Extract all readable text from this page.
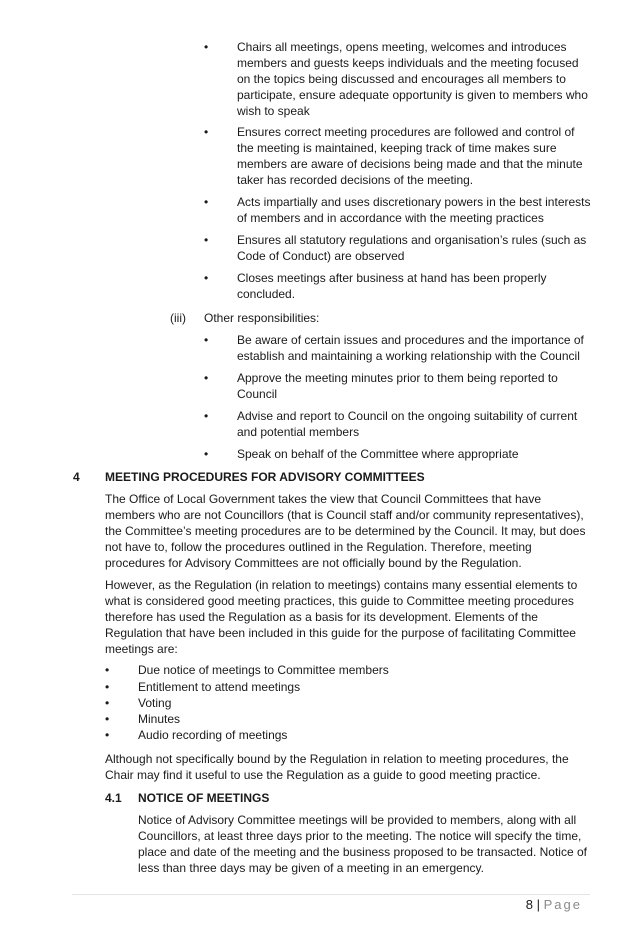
• Chairs all meetings, opens meeting, welcomes and introduces members and guests keeps individuals and the meeting focused on the topics being discussed and encourages all members to participate, ensure adequate opportunity is given to members who wish to speak
• Ensures correct meeting procedures are followed and control of the meeting is maintained, keeping track of time makes sure members are aware of decisions being made and that the minute taker has recorded decisions of the meeting.
• Acts impartially and uses discretionary powers in the best interests of members and in accordance with the meeting practices
• Ensures all statutory regulations and organisation’s rules (such as Code of Conduct) are observed
• Closes meetings after business at hand has been properly concluded.
(iii) Other responsibilities:
• Be aware of certain issues and procedures and the importance of establish and maintaining a working relationship with the Council
• Approve the meeting minutes prior to them being reported to Council
• Advise and report to Council on the ongoing suitability of current and potential members
• Speak on behalf of the Committee where appropriate
4 MEETING PROCEDURES FOR ADVISORY COMMITTEES
The Office of Local Government takes the view that Council Committees that have members who are not Councillors (that is Council staff and/or community representatives), the Committee’s meeting procedures are to be determined by the Council. It may, but does not have to, follow the procedures outlined in the Regulation. Therefore, meeting procedures for Advisory Committees are not officially bound by the Regulation.
However, as the Regulation (in relation to meetings) contains many essential elements to what is considered good meeting practices, this guide to Committee meeting procedures therefore has used the Regulation as a basis for its development. Elements of the Regulation that have been included in this guide for the purpose of facilitating Committee meetings are:
• Due notice of meetings to Committee members
• Entitlement to attend meetings
• Voting
• Minutes
• Audio recording of meetings
Although not specifically bound by the Regulation in relation to meeting procedures, the Chair may find it useful to use the Regulation as a guide to good meeting practice.
4.1 NOTICE OF MEETINGS
Notice of Advisory Committee meetings will be provided to members, along with all Councillors, at least three days prior to the meeting. The notice will specify the time, place and date of the meeting and the business proposed to be transacted. Notice of less than three days may be given of a meeting in an emergency.
8 | Page
